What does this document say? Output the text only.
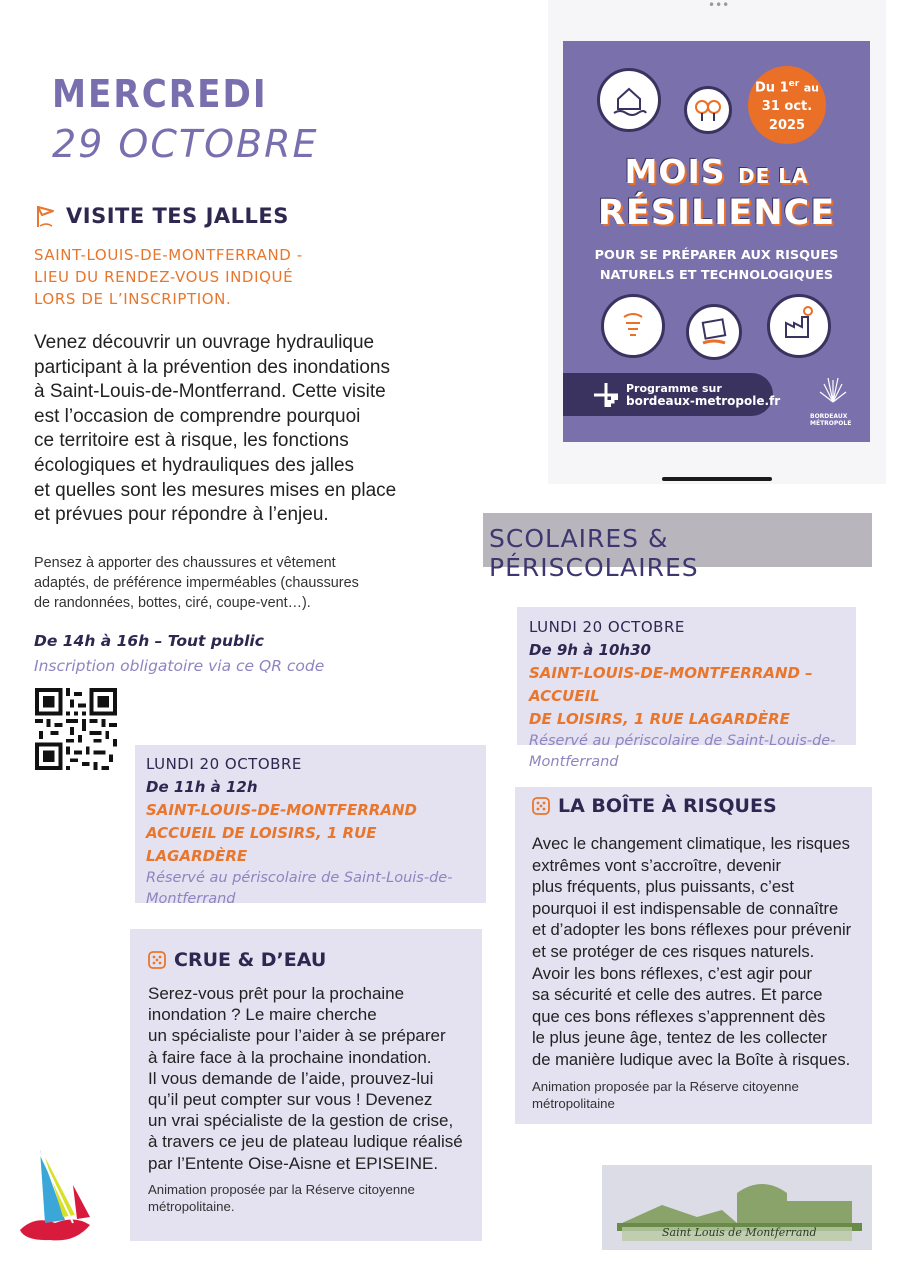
MERCREDI
29 OCTOBRE
VISITE TES JALLES
SAINT-LOUIS-DE-MONTFERRAND -
LIEU DU RENDEZ-VOUS INDIQUÉ
LORS DE L’INSCRIPTION.
Venez découvrir un ouvrage hydraulique
participant à la prévention des inondations
à Saint-Louis-de-Montferrand. Cette visite
est l’occasion de comprendre pourquoi
ce territoire est à risque, les fonctions
écologiques et hydrauliques des jalles
et quelles sont les mesures mises en place
et prévues pour répondre à l’enjeu.
Pensez à apporter des chaussures et vêtement
adaptés, de préférence imperméables (chaussures
de randonnées, bottes, ciré, coupe-vent…).
De 14h à 16h – Tout public
Inscription obligatoire via ce QR code
LUNDI 20 OCTOBRE
De 11h à 12h
SAINT-LOUIS-DE-MONTFERRAND
ACCUEIL DE LOISIRS, 1 RUE LAGARDÈRE
Réservé au périscolaire de Saint-Louis-de-
Montferrand
CRUE & D’EAU
Serez-vous prêt pour la prochaine
inondation ? Le maire cherche
un spécialiste pour l’aider à se préparer
à faire face à la prochaine inondation.
Il vous demande de l’aide, prouvez-lui
qu’il peut compter sur vous ! Devenez
un vrai spécialiste de la gestion de crise,
à travers ce jeu de plateau ludique réalisé
par l’Entente Oise-Aisne et EPISEINE.
Animation proposée par la Réserve citoyenne
métropolitaine.
•••
Du 1er au
31 oct.
2025
MOIS DE LA
RÉSILIENCE
POUR SE PRÉPARER AUX RISQUES
NATURELS ET TECHNOLOGIQUES
Programme sur
bordeaux-metropole.fr
BORDEAUX
MÉTROPOLE
SCOLAIRES & PÉRISCOLAIRES
LUNDI 20 OCTOBRE
De 9h à 10h30
SAINT-LOUIS-DE-MONTFERRAND – ACCUEIL
DE LOISIRS, 1 RUE LAGARDÈRE
Réservé au périscolaire de Saint-Louis-de-
Montferrand
LA BOÎTE À RISQUES
Avec le changement climatique, les risques
extrêmes vont s’accroître, devenir
plus fréquents, plus puissants, c’est
pourquoi il est indispensable de connaître
et d’adopter les bons réflexes pour prévenir
et se protéger de ces risques naturels.
Avoir les bons réflexes, c’est agir pour
sa sécurité et celle des autres. Et parce
que ces bons réflexes s’apprennent dès
le plus jeune âge, tentez de les collecter
de manière ludique avec la Boîte à risques.
Animation proposée par la Réserve citoyenne
métropolitaine
Saint Louis de Montferrand
